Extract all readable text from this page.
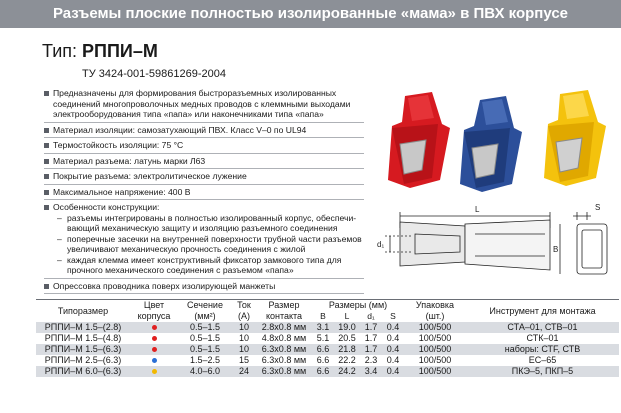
Разъемы плоские полностью изолированные «мама» в ПВХ корпусе
Тип: РППИ–М
ТУ 3424-001-59861269-2004
Предназначены для формирования быстроразъемных изолированных соединений многопроволочных медных проводов с клеммными выходами электрооборудования типа «папа» или наконечниками типа «папа»
Материал изоляции: самозатухающий ПВХ. Класс V–0 по UL94
Термостойкость изоляции: 75 °С
Материал разъема: латунь марки Л63
Покрытие разъема: электролитическое лужение
Максимальное напряжение: 400 В
Особенности конструкции:
– разъемы интегрированы в полностью изолированный корпус, обеспечи-вающий механическую защиту и изоляцию разъемного соединения
– поперечные засечки на внутренней поверхности трубной части разъемов увеличивают механическую прочность соединения с жилой
– каждая клемма имеет конструктивный фиксатор замкового типа для прочного механического соединения с разъемом «папа»
Опрессовка проводника поверх изолирующей манжеты
L	S
d₁
B
Типоразмер	Цвет корпуса	Сечение (мм²)	Ток (А)	Размер контакта	Размеры (мм)				Упаковка (шт.)	Инструмент для монтажа
					B	L	d₁	S		
РППИ–М 1.5–(2.8)		0.5–1.5	10	2.8х0.8 мм	3.1	19.0	1.7	0.4	100/500	СТА–01, СТВ–01
РППИ–М 1.5–(4.8)		0.5–1.5	10	4.8х0.8 мм	5.1	20.5	1.7	0.4	100/500	СТК–01
РППИ–М 1.5–(6.3)		0.5–1.5	10	6.3х0.8 мм	6.6	21.8	1.7	0.4	100/500	наборы: СТF, СТВ
РППИ–М 2.5–(6.3)		1.5–2.5	15	6.3х0.8 мм	6.6	22.2	2.3	0.4	100/500	ЕС–65
РППИ–М 6.0–(6.3)		4.0–6.0	24	6.3х0.8 мм	6.6	24.2	3.4	0.4	100/500	ПКЭ–5, ПКП–5
